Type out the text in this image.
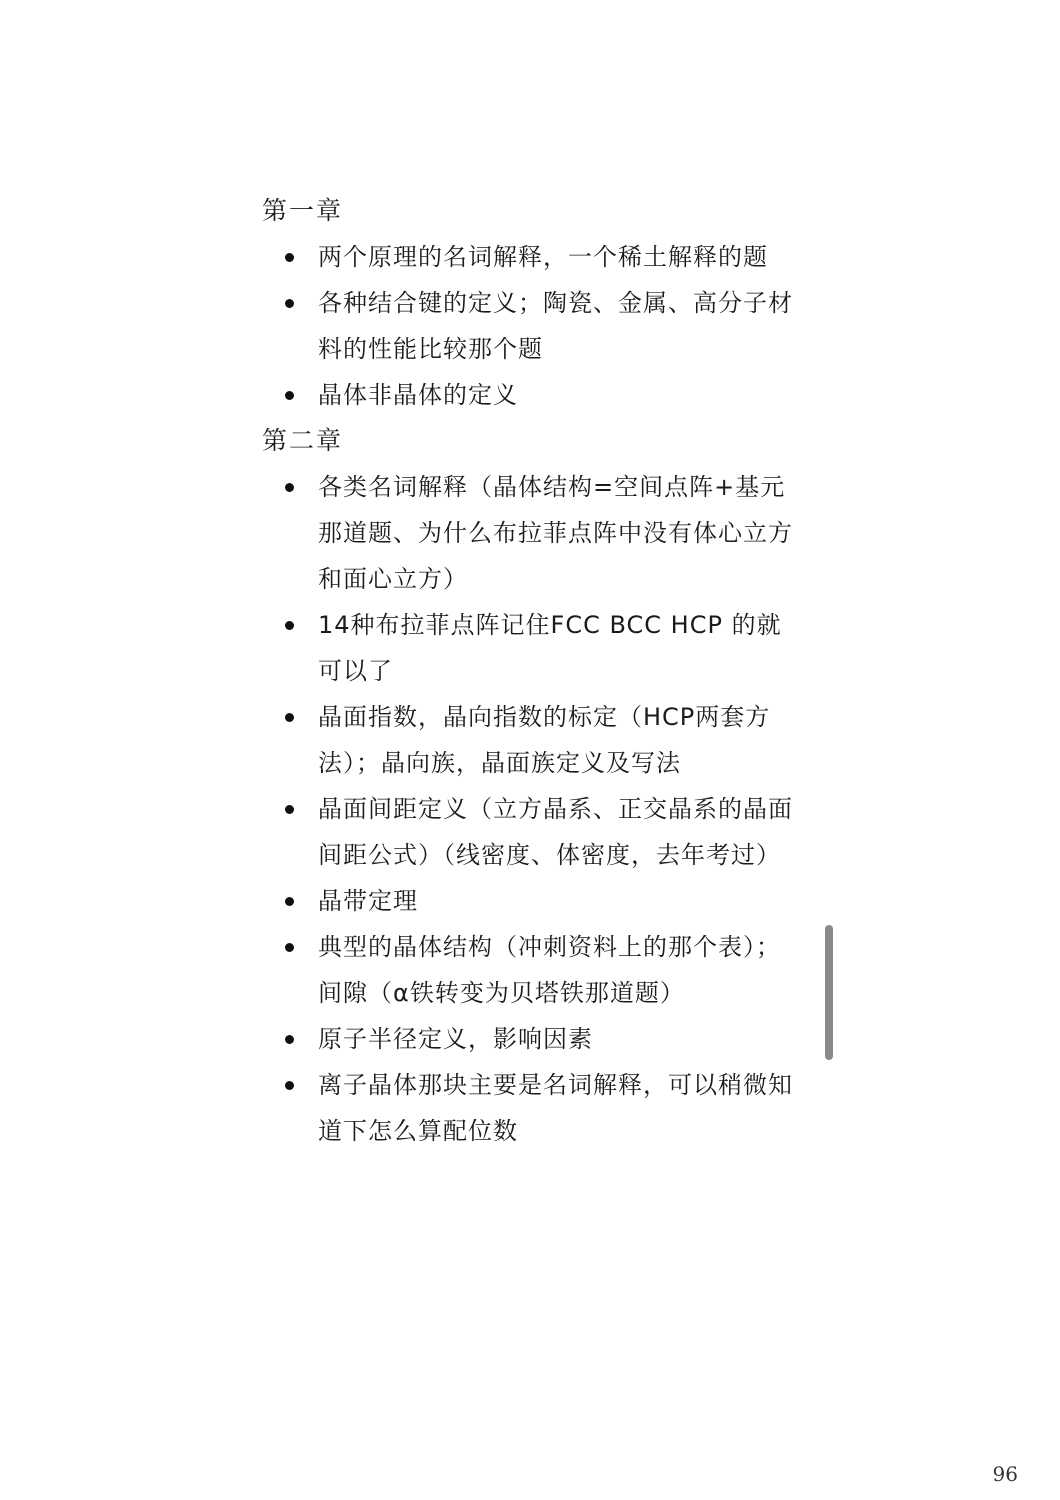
第一章
两个原理的名词解释，一个稀土解释的题
各种结合键的定义；陶瓷、金属、高分子材料的性能比较那个题
晶体非晶体的定义
第二章
各类名词解释（晶体结构=空间点阵+基元那道题、为什么布拉菲点阵中没有体心立方和面心立方）
14种布拉菲点阵记住FCC BCC HCP 的就可以了
晶面指数，晶向指数的标定（HCP两套方法）；晶向族，晶面族定义及写法
晶面间距定义（立方晶系、正交晶系的晶面间距公式）（线密度、体密度，去年考过）
晶带定理
典型的晶体结构（冲刺资料上的那个表）；间隙（α铁转变为贝塔铁那道题）
原子半径定义，影响因素
离子晶体那块主要是名词解释，可以稍微知道下怎么算配位数
96
